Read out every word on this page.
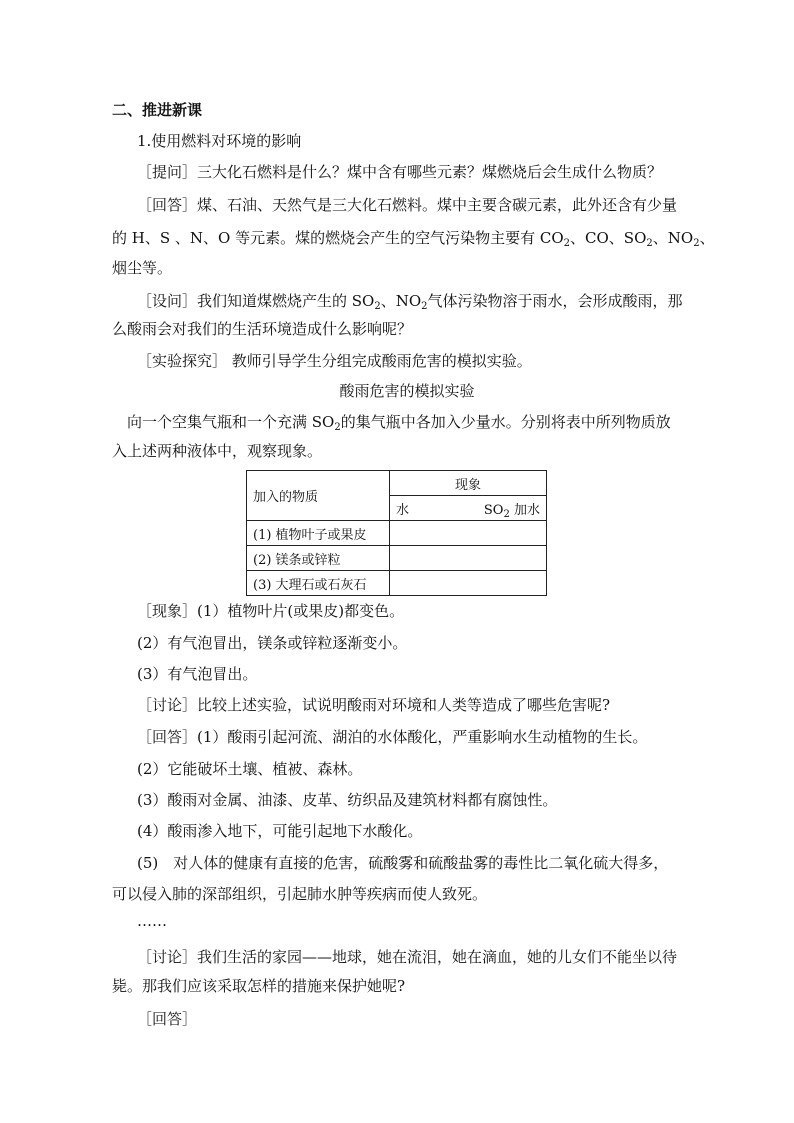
二、推进新课
1.使用燃料对环境的影响
［提问］三大化石燃料是什么？煤中含有哪些元素？煤燃烧后会生成什么物质？
［回答］煤、石油、天然气是三大化石燃料。煤中主要含碳元素，此外还含有少量
的 H、S 、N、O 等元素。煤的燃烧会产生的空气污染物主要有 $CO_2$、CO、$SO_2$、$NO_2$、
烟尘等。
［设问］我们知道煤燃烧产生的 $SO_2$、$NO_2$气体污染物溶于雨水，会形成酸雨，那
么酸雨会对我们的生活环境造成什么影响呢？
［实验探究］ 教师引导学生分组完成酸雨危害的模拟实验。
酸雨危害的模拟实验
向一个空集气瓶和一个充满 $SO_2$的集气瓶中各加入少量水。分别将表中所列物质放
入上述两种液体中，观察现象。
加入的物质	现象

	水 $SO_2$ 加水

(1) 植物叶子或果皮	
(2) 镁条或锌粒	
(3) 大理石或石灰石	
［现象］(1）植物叶片(或果皮)都变色。
(2）有气泡冒出，镁条或锌粒逐渐变小。
(3）有气泡冒出。
［讨论］比较上述实验，试说明酸雨对环境和人类等造成了哪些危害呢?
［回答］(1）酸雨引起河流、湖泊的水体酸化，严重影响水生动植物的生长。
(2）它能破坏土壤、植被、森林。
(3）酸雨对金属、油漆、皮革、纺织品及建筑材料都有腐蚀性。
(4）酸雨渗入地下，可能引起地下水酸化。
(5)　对人体的健康有直接的危害，硫酸雾和硫酸盐雾的毒性比二氧化硫大得多，
可以侵入肺的深部组织，引起肺水肿等疾病而使人致死。
……
［讨论］我们生活的家园——地球，她在流泪，她在滴血，她的儿女们不能坐以待
毙。那我们应该采取怎样的措施来保护她呢?
［回答］
